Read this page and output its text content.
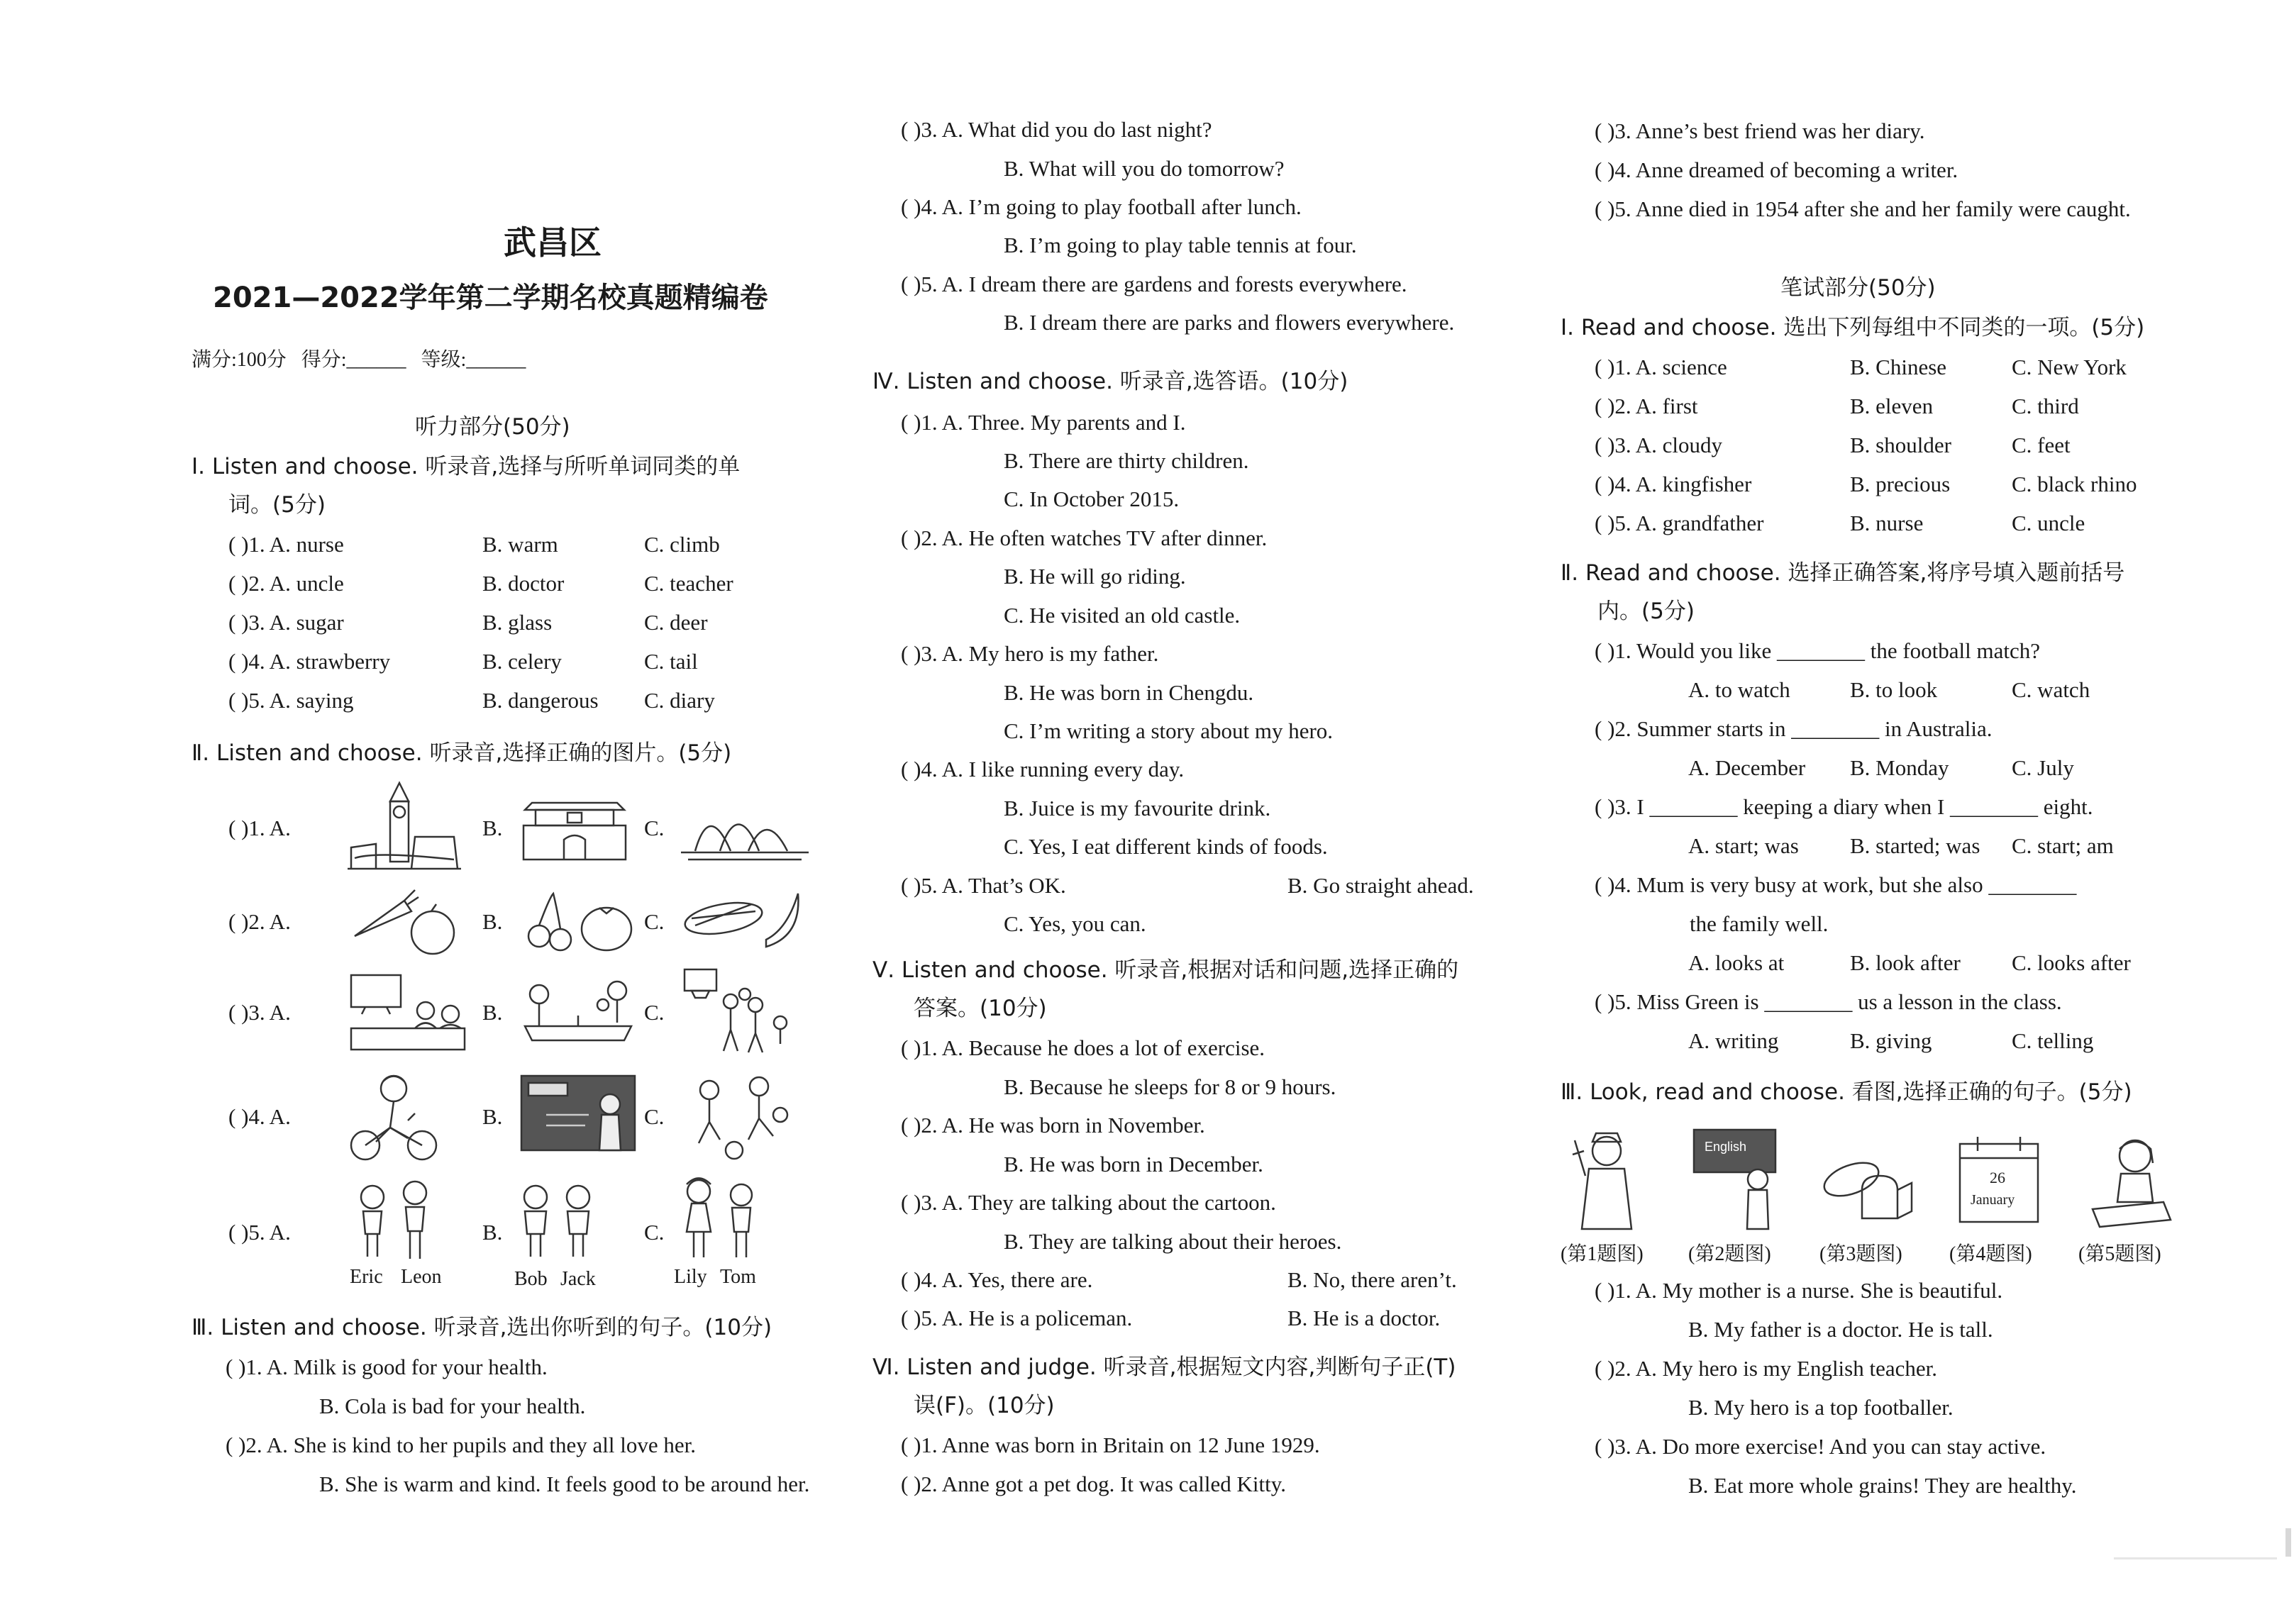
武昌区
2021—2022学年第二学期名校真题精编卷
满分:100分   得分:______   等级:______
听力部分(50分)
Ⅰ. Listen and choose. 听录音,选择与所听单词同类的单
词。(5分)
( )1. A. nurse	B. warm	C. climb
( )2. A. uncle	B. doctor	C. teacher
( )3. A. sugar	B. glass	C. deer
( )4. A. strawberry	B. celery	C. tail
( )5. A. saying	B. dangerous C. diary
Ⅱ. Listen and choose. 听录音,选择正确的图片。(5分)
( )1. A.	B.	C.
( )2. A.	B.	C.
( )3. A.	B.	C.
( )4. A.	B.	C.
( )5. A.	B.	C.
Eric Leon	Bob Jack	Lily Tom
Ⅲ. Listen and choose. 听录音,选出你听到的句子。(10分)
( )1. A. Milk is good for your health.
B. Cola is bad for your health.
( )2. A. She is kind to her pupils and they all love her.
B. She is warm and kind. It feels good to be around her.
( )3. A. What did you do last night?
B. What will you do tomorrow?
( )4. A. I’m going to play football after lunch.
B. I’m going to play table tennis at four.
( )5. A. I dream there are gardens and forests everywhere.
B. I dream there are parks and flowers everywhere.
Ⅳ. Listen and choose. 听录音,选答语。(10分)
( )1. A. Three. My parents and I.
B. There are thirty children.
C. In October 2015.
( )2. A. He often watches TV after dinner.
B. He will go riding.
C. He visited an old castle.
( )3. A. My hero is my father.
B. He was born in Chengdu.
C. I’m writing a story about my hero.
( )4. A. I like running every day.
B. Juice is my favourite drink.
C. Yes, I eat different kinds of foods.
( )5. A. That’s OK.	B. Go straight ahead.
C. Yes, you can.
Ⅴ. Listen and choose. 听录音,根据对话和问题,选择正确的
答案。(10分)
( )1. A. Because he does a lot of exercise.
B. Because he sleeps for 8 or 9 hours.
( )2. A. He was born in November.
B. He was born in December.
( )3. A. They are talking about the cartoon.
B. They are talking about their heroes.
( )4. A. Yes, there are.	B. No, there aren’t.
( )5. A. He is a policeman.	B. He is a doctor.
Ⅵ. Listen and judge. 听录音,根据短文内容,判断句子正(T)
误(F)。(10分)
( )1. Anne was born in Britain on 12 June 1929.
( )2. Anne got a pet dog. It was called Kitty.
( )3. Anne’s best friend was her diary.
( )4. Anne dreamed of becoming a writer.
( )5. Anne died in 1954 after she and her family were caught.
笔试部分(50分)
Ⅰ. Read and choose. 选出下列每组中不同类的一项。(5分)
( )1. A. science	B. Chinese	C. New York
( )2. A. first	B. eleven	C. third
( )3. A. cloudy	B. shoulder	C. feet
( )4. A. kingfisher	B. precious	C. black rhino
( )5. A. grandfather	B. nurse	C. uncle
Ⅱ. Read and choose. 选择正确答案,将序号填入题前括号
内。(5分)
( )1. Would you like ________ the football match?
A. to watch	B. to look	C. watch
( )2. Summer starts in ________ in Australia.
A. December B. Monday	C. July
( )3. I ________ keeping a diary when I ________ eight.
A. start; was B. started; was C. start; am
( )4. Mum is very busy at work, but she also ________
the family well.
A. looks at	B. look after C. looks after
( )5. Miss Green is ________ us a lesson in the class.
A. writing	B. giving	C. telling
Ⅲ. Look, read and choose. 看图,选择正确的句子。(5分)
English
26
January
(第1题图) (第2题图) (第3题图) (第4题图) (第5题图)
( )1. A. My mother is a nurse. She is beautiful.
B. My father is a doctor. He is tall.
( )2. A. My hero is my English teacher.
B. My hero is a top footballer.
( )3. A. Do more exercise! And you can stay active.
B. Eat more whole grains! They are healthy.
